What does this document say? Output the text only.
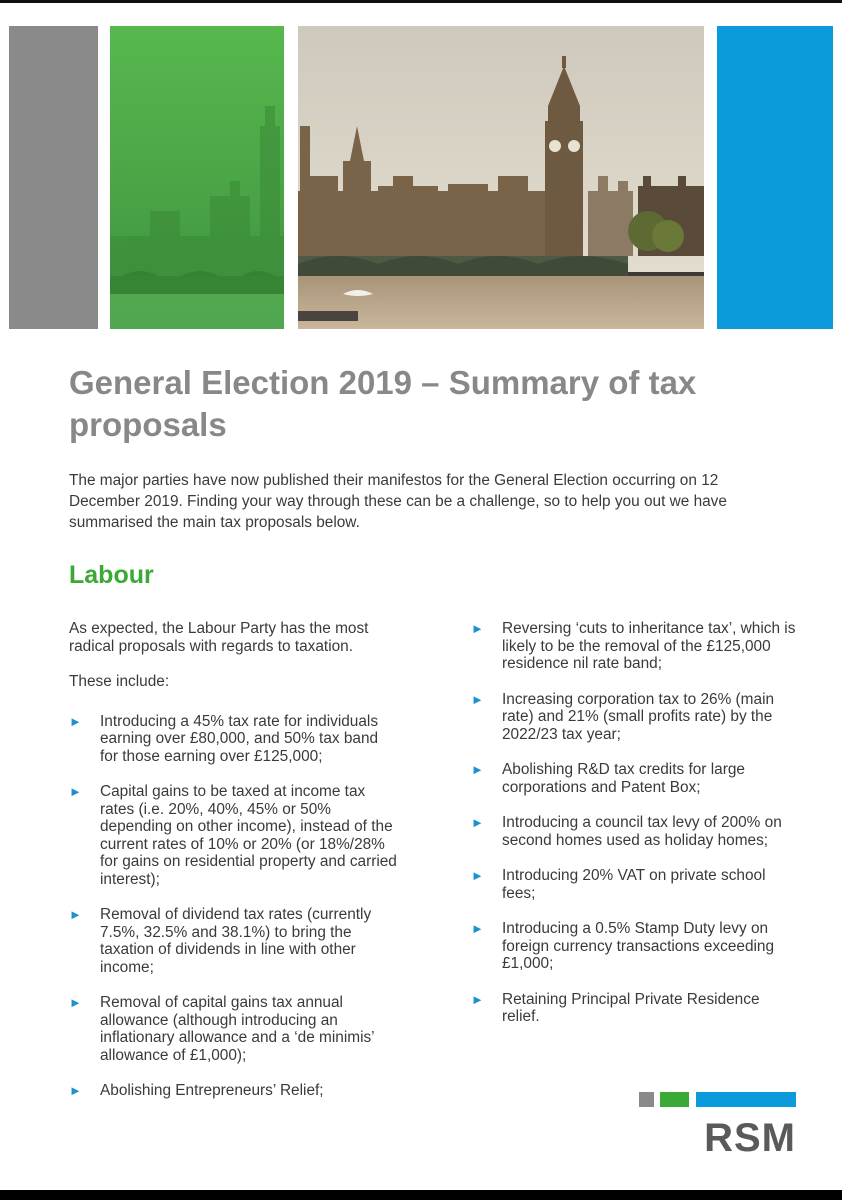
General Election 2019 – Summary of tax proposals

The major parties have now published their manifestos for the General Election occurring on 12 December 2019. Finding your way through these can be a challenge, so to help you out we have summarised the main tax proposals below.

Labour

As expected, the Labour Party has the most radical proposals with regards to taxation.

These include:

► Introducing a 45% tax rate for individuals earning over £80,000, and 50% tax band for those earning over £125,000;
► Capital gains to be taxed at income tax rates (i.e. 20%, 40%, 45% or 50% depending on other income), instead of the current rates of 10% or 20% (or 18%/28% for gains on residential property and carried interest);
► Removal of dividend tax rates (currently 7.5%, 32.5% and 38.1%) to bring the taxation of dividends in line with other income;
► Removal of capital gains tax annual allowance (although introducing an inflationary allowance and a ‘de minimis’ allowance of £1,000);
► Abolishing Entrepreneurs’ Relief;
► Reversing ‘cuts to inheritance tax’, which is likely to be the removal of the £125,000 residence nil rate band;
► Increasing corporation tax to 26% (main rate) and 21% (small profits rate) by the 2022/23 tax year;
► Abolishing R&D tax credits for large corporations and Patent Box;
► Introducing a council tax levy of 200% on second homes used as holiday homes;
► Introducing 20% VAT on private school fees;
► Introducing a 0.5% Stamp Duty levy on foreign currency transactions exceeding £1,000;
► Retaining Principal Private Residence relief.
RSM
